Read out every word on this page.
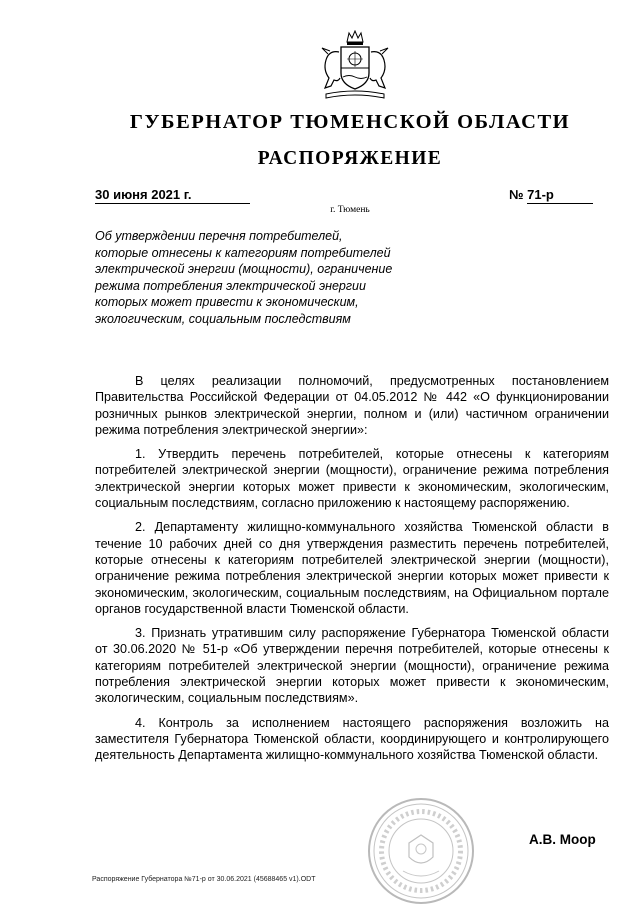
ГУБЕРНАТОР ТЮМЕНСКОЙ ОБЛАСТИ
РАСПОРЯЖЕНИЕ
30 июня 2021 г.	№ 71-р
г. Тюмень
Об утверждении перечня потребителей, которые отнесены к категориям потребителей электрической энергии (мощности), ограничение режима потребления электрической энергии которых может привести к экономическим, экологическим, социальным последствиям

В целях реализации полномочий, предусмотренных постановлением Правительства Российской Федерации от 04.05.2012 № 442 «О функционировании розничных рынков электрической энергии, полном и (или) частичном ограничении режима потребления электрической энергии»:

1. Утвердить перечень потребителей, которые отнесены к категориям потребителей электрической энергии (мощности), ограничение режима потребления электрической энергии которых может привести к экономическим, экологическим, социальным последствиям, согласно приложению к настоящему распоряжению.

2. Департаменту жилищно-коммунального хозяйства Тюменской области в течение 10 рабочих дней со дня утверждения разместить перечень потребителей, которые отнесены к категориям потребителей электрической энергии (мощности), ограничение режима потребления электрической энергии которых может привести к экономическим, экологическим, социальным последствиям, на Официальном портале органов государственной власти Тюменской области.

3. Признать утратившим силу распоряжение Губернатора Тюменской области от 30.06.2020 № 51-р «Об утверждении перечня потребителей, которые отнесены к категориям потребителей электрической энергии (мощности), ограничение режима потребления электрической энергии которых может привести к экономическим, экологическим, социальным последствиям».

4. Контроль за исполнением настоящего распоряжения возложить на заместителя Губернатора Тюменской области, координирующего и контролирующего деятельность Департамента жилищно-коммунального хозяйства Тюменской области.

А.В. Моор
Распоряжение Губернатора №71-р от 30.06.2021 (45688465 v1).ODT
